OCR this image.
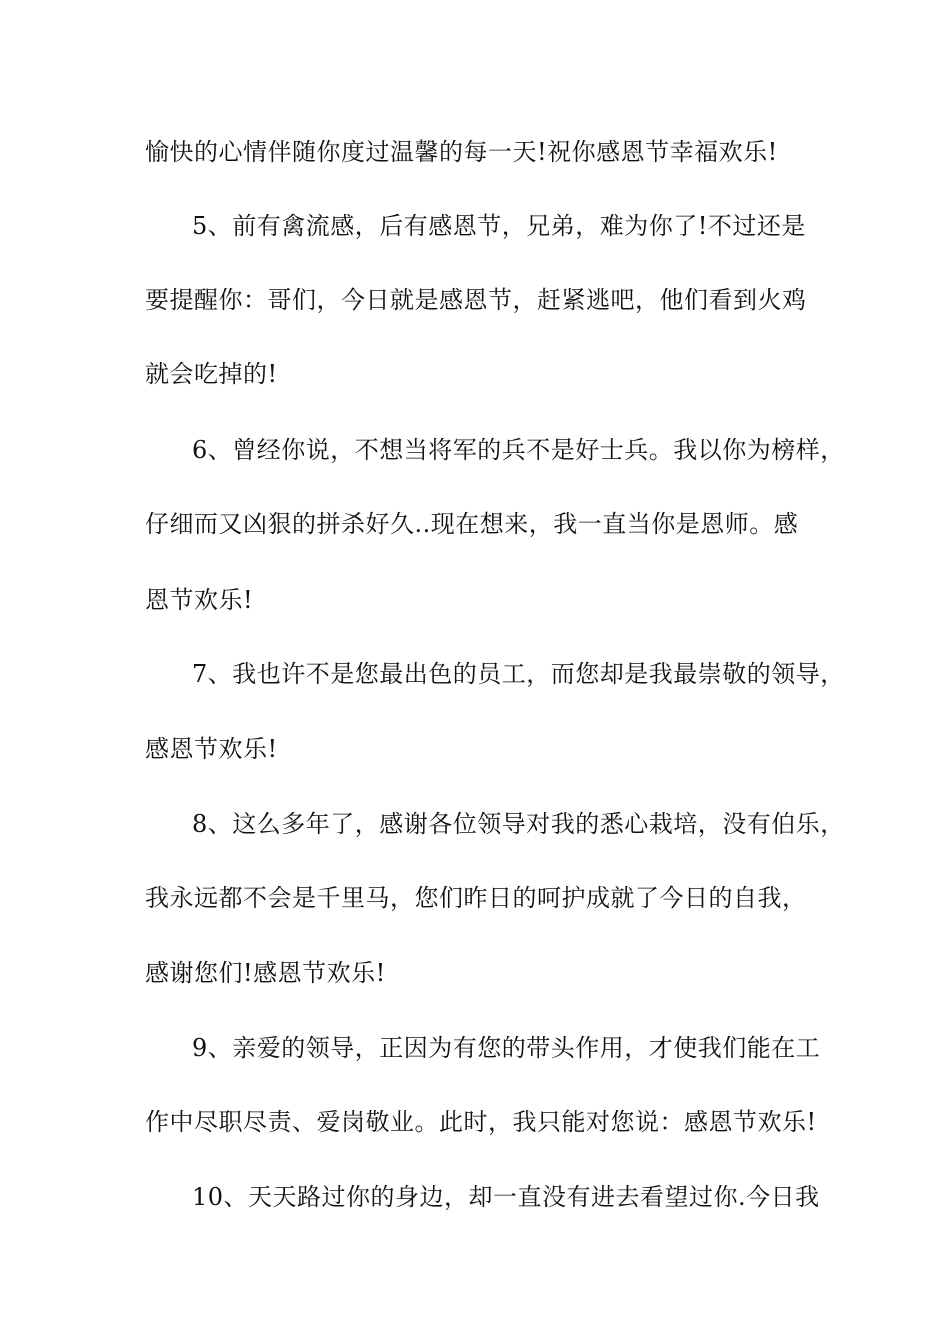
愉快的心情伴随你度过温馨的每一天!祝你感恩节幸福欢乐!
5、前有禽流感，后有感恩节，兄弟，难为你了!不过还是
要提醒你：哥们，今日就是感恩节，赶紧逃吧，他们看到火鸡
就会吃掉的!
6、曾经你说，不想当将军的兵不是好士兵。我以你为榜样，
仔细而又凶狠的拼杀好久..现在想来，我一直当你是恩师。感
恩节欢乐!
7、我也许不是您最出色的员工，而您却是我最崇敬的领导，
感恩节欢乐!
8、这么多年了，感谢各位领导对我的悉心栽培，没有伯乐，
我永远都不会是千里马，您们昨日的呵护成就了今日的自我，
感谢您们!感恩节欢乐!
9、亲爱的领导，正因为有您的带头作用，才使我们能在工
作中尽职尽责、爱岗敬业。此时，我只能对您说：感恩节欢乐!
10、天天路过你的身边，却一直没有进去看望过你.今日我
